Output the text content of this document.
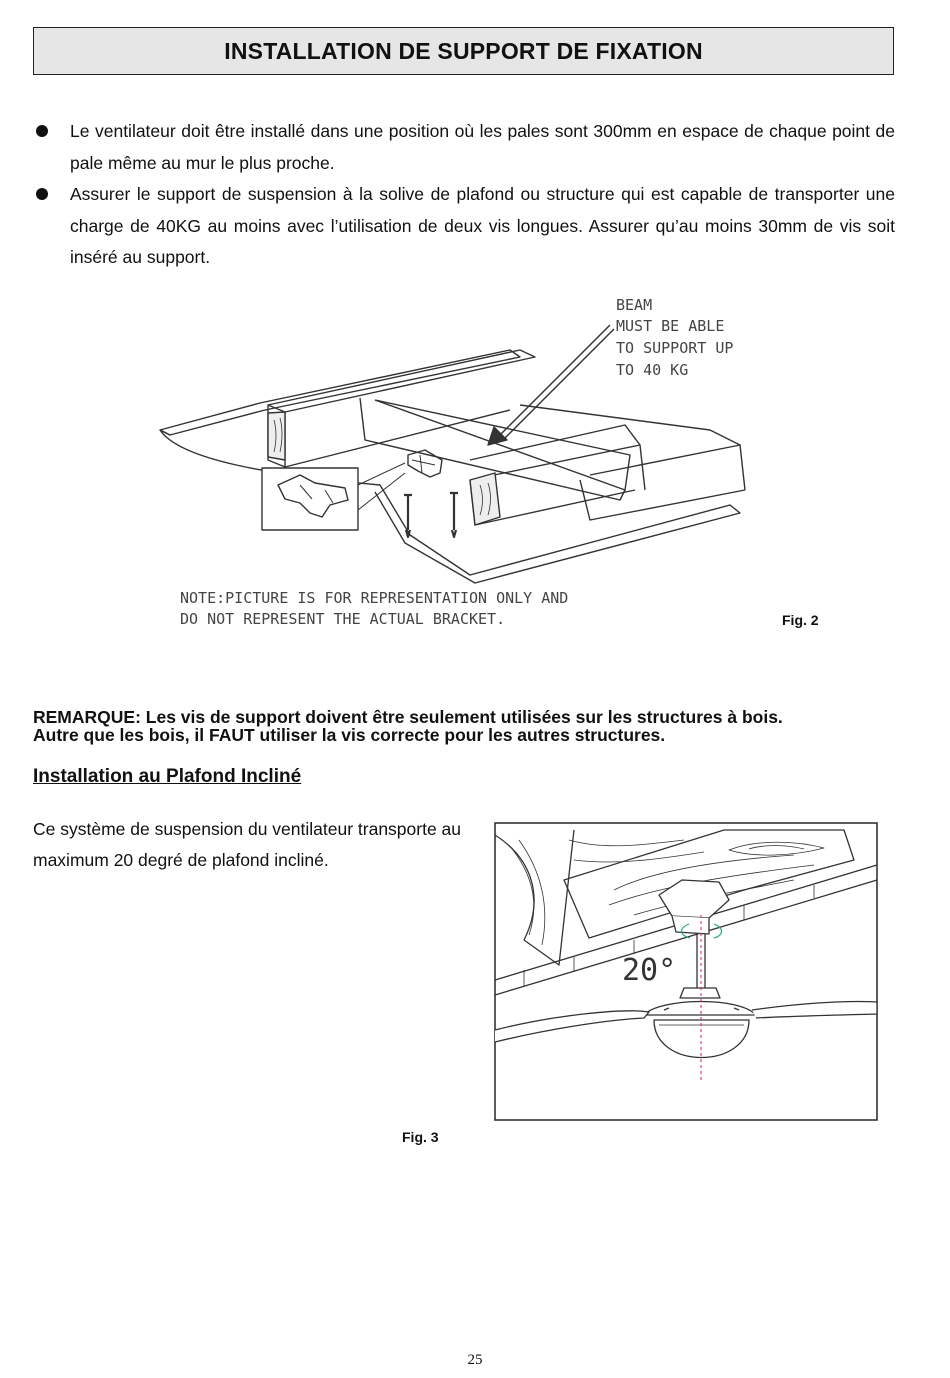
INSTALLATION DE SUPPORT DE FIXATION
Le ventilateur doit être installé dans une position où les pales sont 300mm en espace de chaque point de pale même au mur le plus proche.
Assurer le support de suspension à la solive de plafond ou structure qui est capable de transporter une charge de 40KG au moins avec l’utilisation de deux vis longues. Assurer qu’au moins 30mm de vis soit inséré au support.
BEAM
MUST BE ABLE
TO SUPPORT UP
TO 40 KG
NOTE:PICTURE IS FOR REPRESENTATION ONLY AND
DO NOT REPRESENT THE ACTUAL BRACKET.	Fig. 2
REMARQUE: Les vis de support doivent être seulement utilisées sur les structures à bois.
Autre que les bois, il FAUT utiliser la vis correcte pour les autres structures.
Installation au Plafond Incliné
Ce système de suspension du ventilateur transporte au maximum 20 degré de plafond incliné.
20°
Fig. 3
25
